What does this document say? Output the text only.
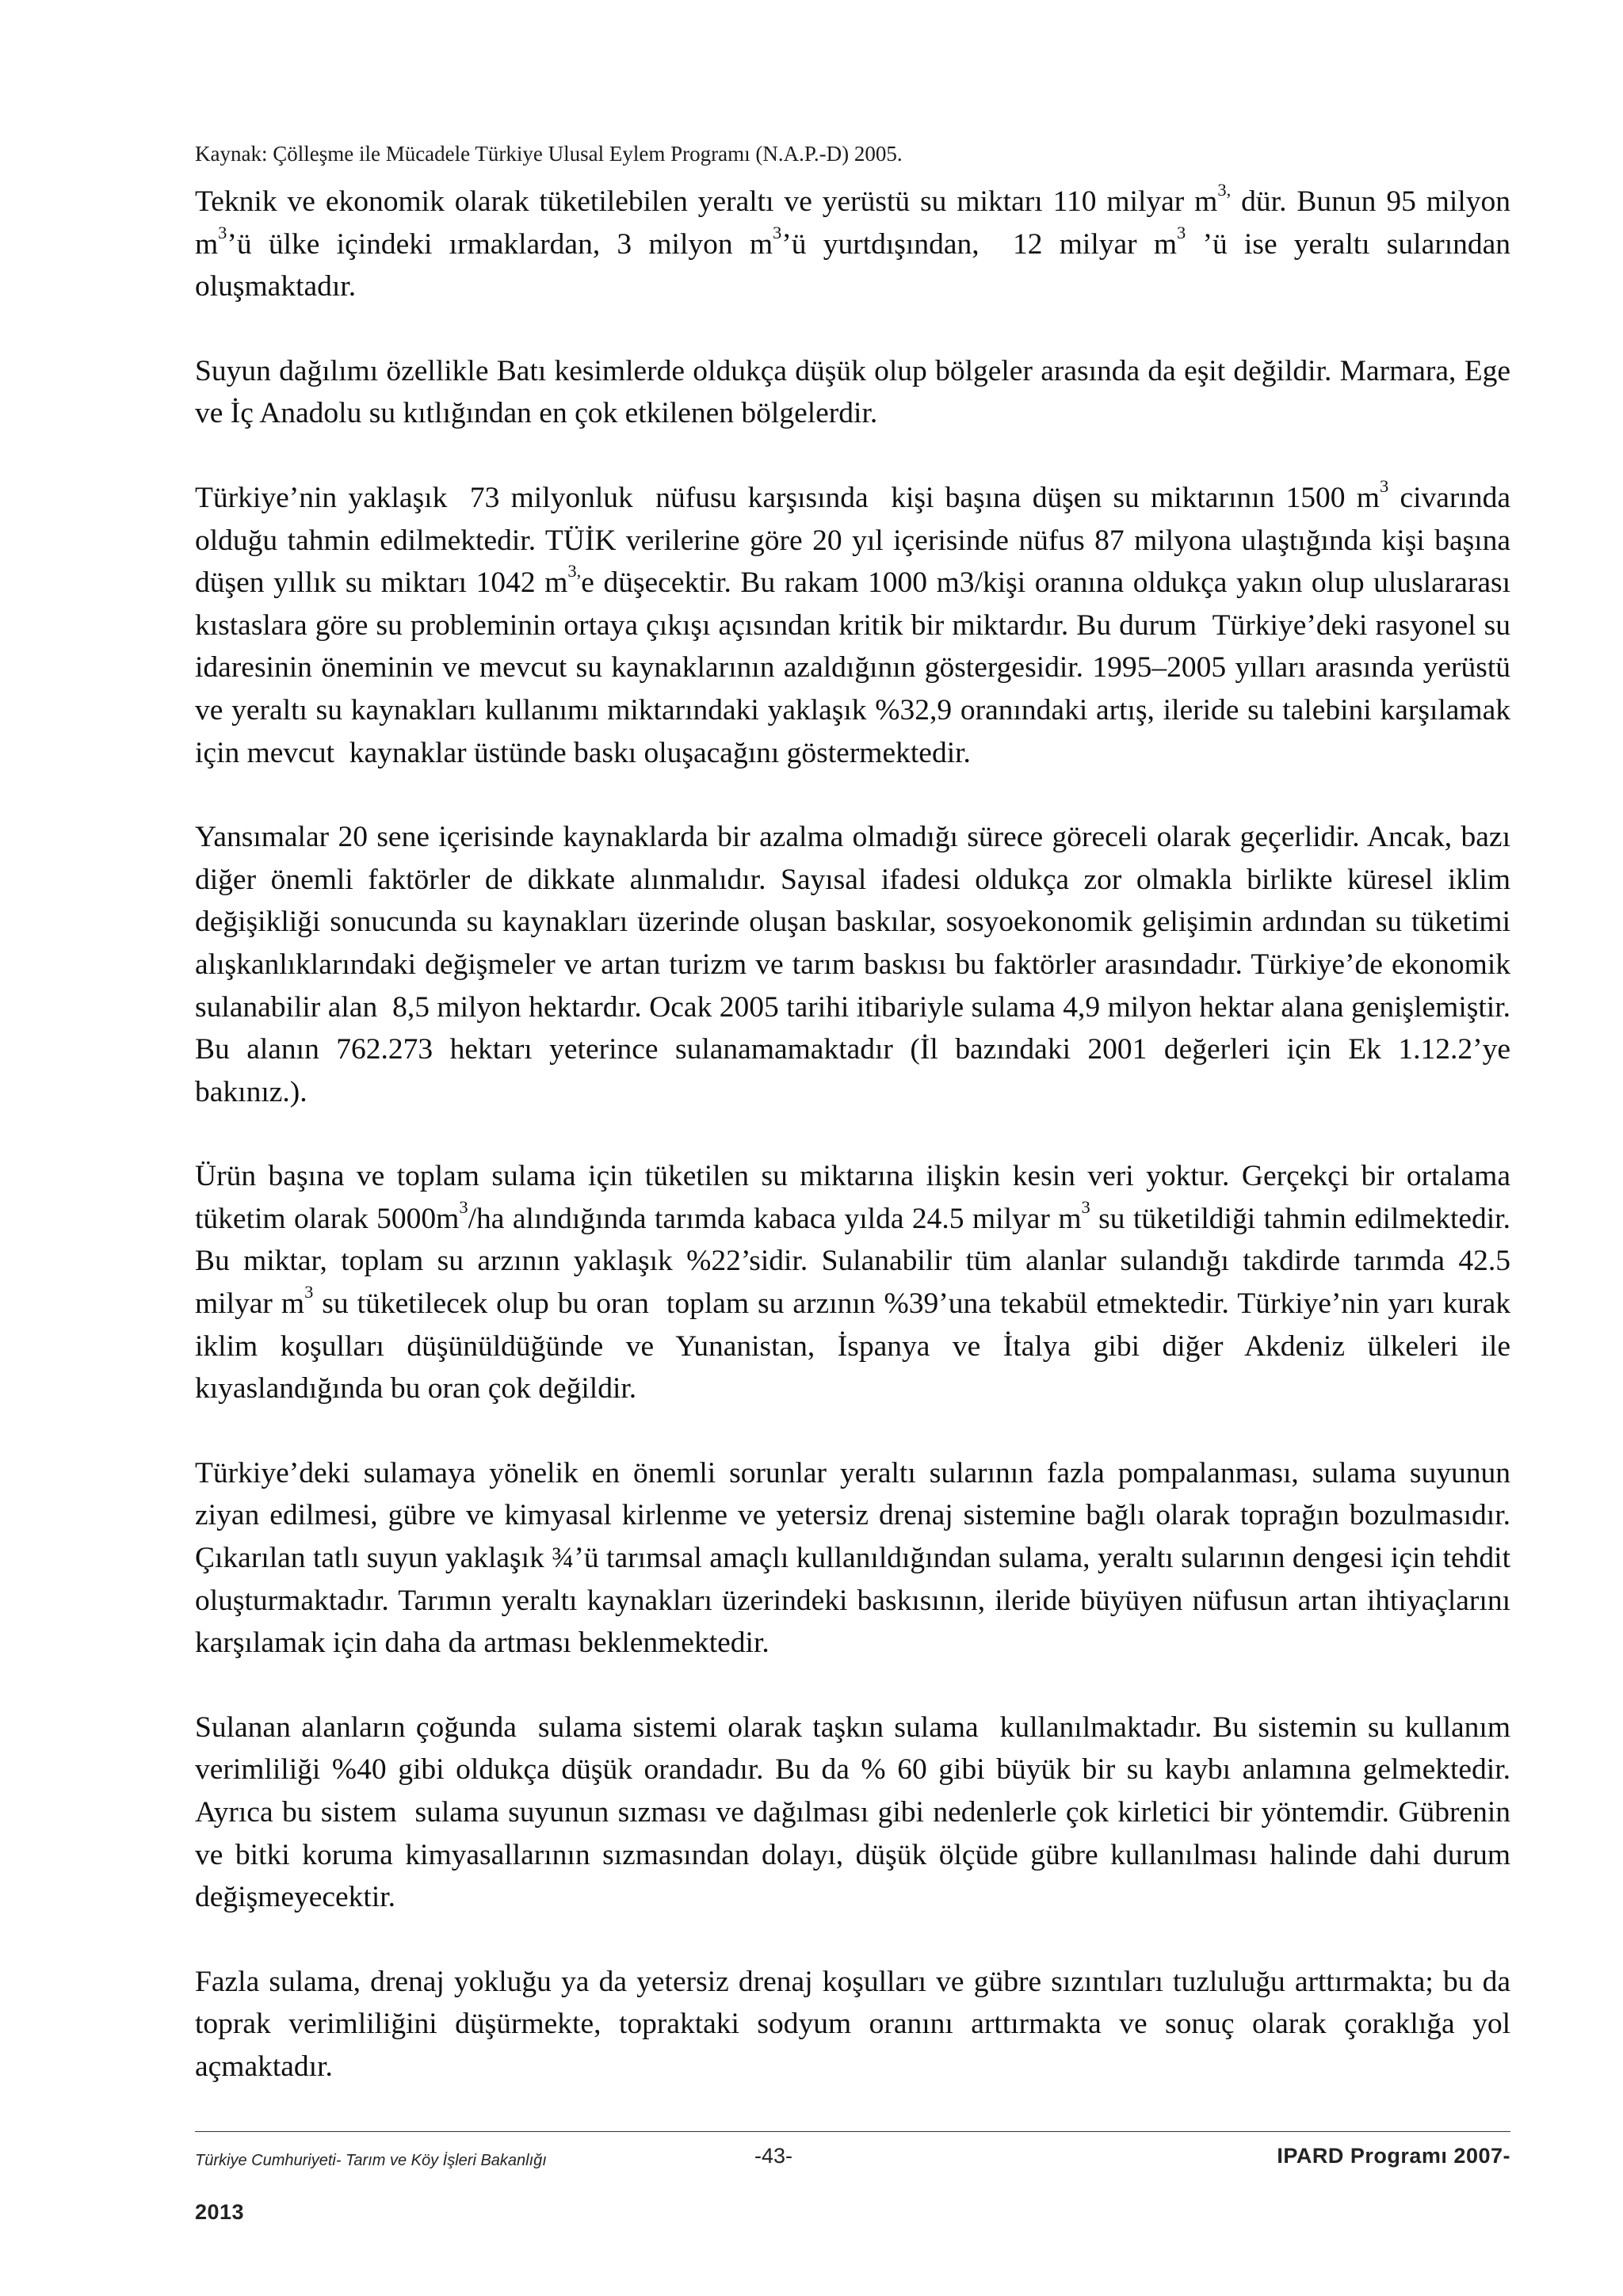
Kaynak: Çölleşme ile Mücadele Türkiye Ulusal Eylem Programı (N.A.P.-D) 2005.

Teknik ve ekonomik olarak tüketilebilen yeraltı ve yerüstü su miktarı 110 milyar $m^{3,}$ dür. Bunun 95 milyon $m^3’ü$ ülke içindeki ırmaklardan, 3 milyon $m^3’ü$ yurtdışından,  12 milyar $m^3$ ’ü ise yeraltı sularından oluşmaktadır.

Suyun dağılımı özellikle Batı kesimlerde oldukça düşük olup bölgeler arasında da eşit değildir. Marmara, Ege ve İç Anadolu su kıtlığından en çok etkilenen bölgelerdir.

Türkiye’nin yaklaşık  73 milyonluk  nüfusu karşısında  kişi başına düşen su miktarının 1500 $m^3$ civarında olduğu tahmin edilmektedir. TÜİK verilerine göre 20 yıl içerisinde nüfus 87 milyona ulaştığında kişi başına düşen yıllık su miktarı 1042 $m^{3,}e$ düşecektir. Bu rakam 1000 m3/kişi oranına oldukça yakın olup uluslararası kıstaslara göre su probleminin ortaya çıkışı açısından kritik bir miktardır. Bu durum  Türkiye’deki rasyonel su idaresinin öneminin ve mevcut su kaynaklarının azaldığının göstergesidir. 1995–2005 yılları arasında yerüstü ve yeraltı su kaynakları kullanımı miktarındaki yaklaşık %32,9 oranındaki artış, ileride su talebini karşılamak için mevcut  kaynaklar üstünde baskı oluşacağını göstermektedir.

Yansımalar 20 sene içerisinde kaynaklarda bir azalma olmadığı sürece göreceli olarak geçerlidir. Ancak, bazı diğer önemli faktörler de dikkate alınmalıdır. Sayısal ifadesi oldukça zor olmakla birlikte küresel iklim değişikliği sonucunda su kaynakları üzerinde oluşan baskılar, sosyoekonomik gelişimin ardından su tüketimi alışkanlıklarındaki değişmeler ve artan turizm ve tarım baskısı bu faktörler arasındadır. Türkiye’de ekonomik sulanabilir alan  8,5 milyon hektardır. Ocak 2005 tarihi itibariyle sulama 4,9 milyon hektar alana genişlemiştir. Bu alanın 762.273 hektarı yeterince sulanamamaktadır (İl bazındaki 2001 değerleri için Ek 1.12.2’ye bakınız.).

Ürün başına ve toplam sulama için tüketilen su miktarına ilişkin kesin veri yoktur. Gerçekçi bir ortalama tüketim olarak $5000m^3/ha$ alındığında tarımda kabaca yılda 24.5 milyar $m^3$ su tüketildiği tahmin edilmektedir. Bu miktar, toplam su arzının yaklaşık %22’sidir. Sulanabilir tüm alanlar sulandığı takdirde tarımda 42.5 milyar $m^3$ su tüketilecek olup bu oran  toplam su arzının %39’una tekabül etmektedir. Türkiye’nin yarı kurak iklim koşulları düşünüldüğünde ve Yunanistan, İspanya ve İtalya gibi diğer Akdeniz ülkeleri ile kıyaslandığında bu oran çok değildir.

Türkiye’deki sulamaya yönelik en önemli sorunlar yeraltı sularının fazla pompalanması, sulama suyunun ziyan edilmesi, gübre ve kimyasal kirlenme ve yetersiz drenaj sistemine bağlı olarak toprağın bozulmasıdır. Çıkarılan tatlı suyun yaklaşık ¾’ü tarımsal amaçlı kullanıldığından sulama, yeraltı sularının dengesi için tehdit oluşturmaktadır. Tarımın yeraltı kaynakları üzerindeki baskısının, ileride büyüyen nüfusun artan ihtiyaçlarını karşılamak için daha da artması beklenmektedir.

Sulanan alanların çoğunda  sulama sistemi olarak taşkın sulama  kullanılmaktadır. Bu sistemin su kullanım verimliliği %40 gibi oldukça düşük orandadır. Bu da % 60 gibi büyük bir su kaybı anlamına gelmektedir. Ayrıca bu sistem  sulama suyunun sızması ve dağılması gibi nedenlerle çok kirletici bir yöntemdir. Gübrenin ve bitki koruma kimyasallarının sızmasından dolayı, düşük ölçüde gübre kullanılması halinde dahi durum değişmeyecektir.

Fazla sulama, drenaj yokluğu ya da yetersiz drenaj koşulları ve gübre sızıntıları tuzluluğu arttırmakta; bu da toprak verimliliğini düşürmekte, topraktaki sodyum oranını arttırmakta ve sonuç olarak çoraklığa yol açmaktadır.

Türkiye Cumhuriyeti- Tarım ve Köy İşleri Bakanlığı	-43-	IPARD Programı 2007-
2013
